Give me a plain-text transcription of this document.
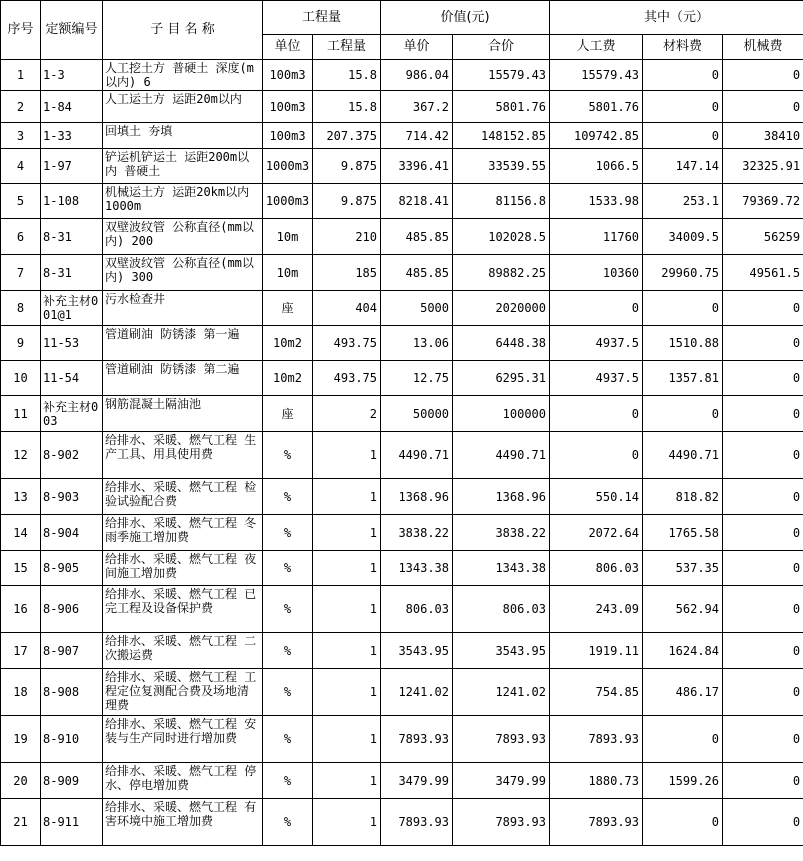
序号	定额编号	子 目 名 称	工程量		价值(元)		其中（元）		
			单位	工程量	单价	合价	人工费	材料费	机械费
1	1-3	人工挖土方 普硬土 深度(m以内) 6	100m3	15.8	986.04	15579.43	15579.43	0	0
2	1-84	人工运土方 运距20m以内	100m3	15.8	367.2	5801.76	5801.76	0	0
3	1-33	回填土 夯填	100m3	207.375	714.42	148152.85	109742.85	0	38410
4	1-97	铲运机铲运土 运距200m以内 普硬土	1000m3	9.875	3396.41	33539.55	1066.5	147.14	32325.91
5	1-108	机械运土方 运距20km以内 1000m	1000m3	9.875	8218.41	81156.8	1533.98	253.1	79369.72
6	8-31	双壁波纹管 公称直径(mm以内) 200	10m	210	485.85	102028.5	11760	34009.5	56259
7	8-31	双壁波纹管 公称直径(mm以内) 300	10m	185	485.85	89882.25	10360	29960.75	49561.5
8	补充主材001@1	污水检查井	座	404	5000	2020000	0	0	0
9	11-53	管道刷油 防锈漆 第一遍	10m2	493.75	13.06	6448.38	4937.5	1510.88	0
10	11-54	管道刷油 防锈漆 第二遍	10m2	493.75	12.75	6295.31	4937.5	1357.81	0
11	补充主材003	钢筋混凝土隔油池	座	2	50000	100000	0	0	0
12	8-902	给排水、采暖、燃气工程 生产工具、用具使用费	%	1	4490.71	4490.71	0	4490.71	0
13	8-903	给排水、采暖、燃气工程 检验试验配合费	%	1	1368.96	1368.96	550.14	818.82	0
14	8-904	给排水、采暖、燃气工程 冬雨季施工增加费	%	1	3838.22	3838.22	2072.64	1765.58	0
15	8-905	给排水、采暖、燃气工程 夜间施工增加费	%	1	1343.38	1343.38	806.03	537.35	0
16	8-906	给排水、采暖、燃气工程 已完工程及设备保护费	%	1	806.03	806.03	243.09	562.94	0
17	8-907	给排水、采暖、燃气工程 二次搬运费	%	1	3543.95	3543.95	1919.11	1624.84	0
18	8-908	给排水、采暖、燃气工程 工程定位复测配合费及场地清理费	%	1	1241.02	1241.02	754.85	486.17	0
19	8-910	给排水、采暖、燃气工程 安装与生产同时进行增加费	%	1	7893.93	7893.93	7893.93	0	0
20	8-909	给排水、采暖、燃气工程 停水、停电增加费	%	1	3479.99	3479.99	1880.73	1599.26	0
21	8-911	给排水、采暖、燃气工程 有害环境中施工增加费	%	1	7893.93	7893.93	7893.93	0	0
